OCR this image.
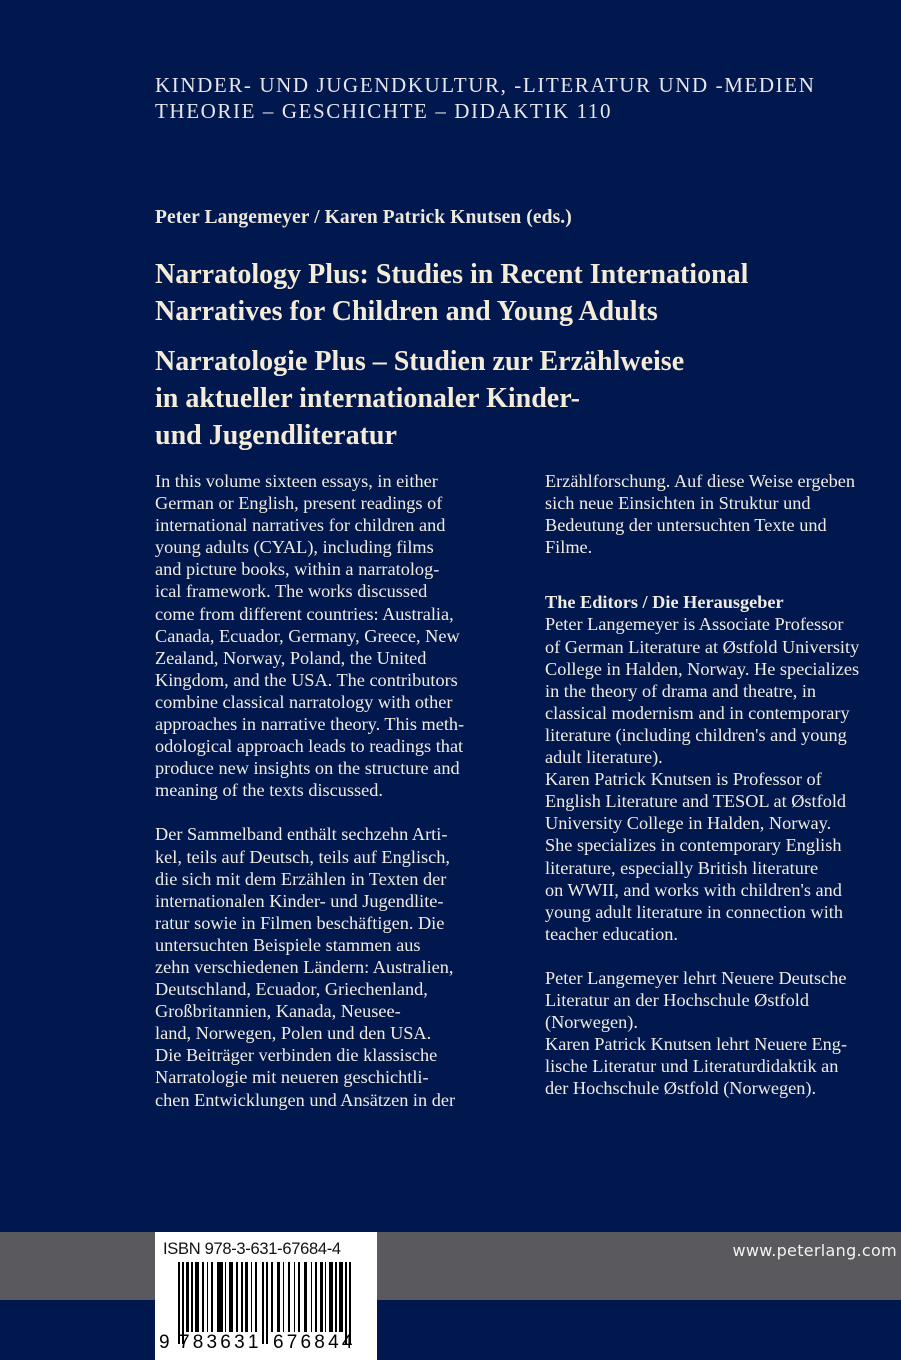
KINDER- UND JUGENDKULTUR, -LITERATUR UND -MEDIEN
THEORIE – GESCHICHTE – DIDAKTIK 110
Peter Langemeyer / Karen Patrick Knutsen (eds.)
Narratology Plus: Studies in Recent International
Narratives for Children and Young Adults
Narratologie Plus – Studien zur Erzählweise
in aktueller internationaler Kinder-
und Jugendliteratur
In this volume sixteen essays, in either
German or English, present readings of
international narratives for children and
young adults (CYAL), including films
and picture books, within a narratolog-
ical framework. The works discussed
come from different countries: Australia,
Canada, Ecuador, Germany, Greece, New
Zealand, Norway, Poland, the United
Kingdom, and the USA. The contributors
combine classical narratology with other
approaches in narrative theory. This meth-
odological approach leads to readings that
produce new insights on the structure and
meaning of the texts discussed.
Der Sammelband enthält sechzehn Arti-
kel, teils auf Deutsch, teils auf Englisch,
die sich mit dem Erzählen in Texten der
internationalen Kinder- und Jugendlite-
ratur sowie in Filmen beschäftigen. Die
untersuchten Beispiele stammen aus
zehn verschiedenen Ländern: Australien,
Deutschland, Ecuador, Griechenland,
Großbritannien, Kanada, Neusee-
land, Norwegen, Polen und den USA.
Die Beiträger verbinden die klassische
Narratologie mit neueren geschichtli-
chen Entwicklungen und Ansätzen in der
Erzählforschung. Auf diese Weise ergeben
sich neue Einsichten in Struktur und
Bedeutung der untersuchten Texte und
Filme.
The Editors / Die Herausgeber
Peter Langemeyer is Associate Professor
of German Literature at Østfold University
College in Halden, Norway. He specializes
in the theory of drama and theatre, in
classical modernism and in contemporary
literature (including children's and young
adult literature).
Karen Patrick Knutsen is Professor of
English Literature and TESOL at Østfold
University College in Halden, Norway.
She specializes in contemporary English
literature, especially British literature
on WWII, and works with children's and
young adult literature in connection with
teacher education.
Peter Langemeyer lehrt Neuere Deutsche
Literatur an der Hochschule Østfold
(Norwegen).
Karen Patrick Knutsen lehrt Neuere Eng-
lische Literatur und Literaturdidaktik an
der Hochschule Østfold (Norwegen).
www.peterlang.com
ISBN 978-3-631-67684-4
9 783631 676844
